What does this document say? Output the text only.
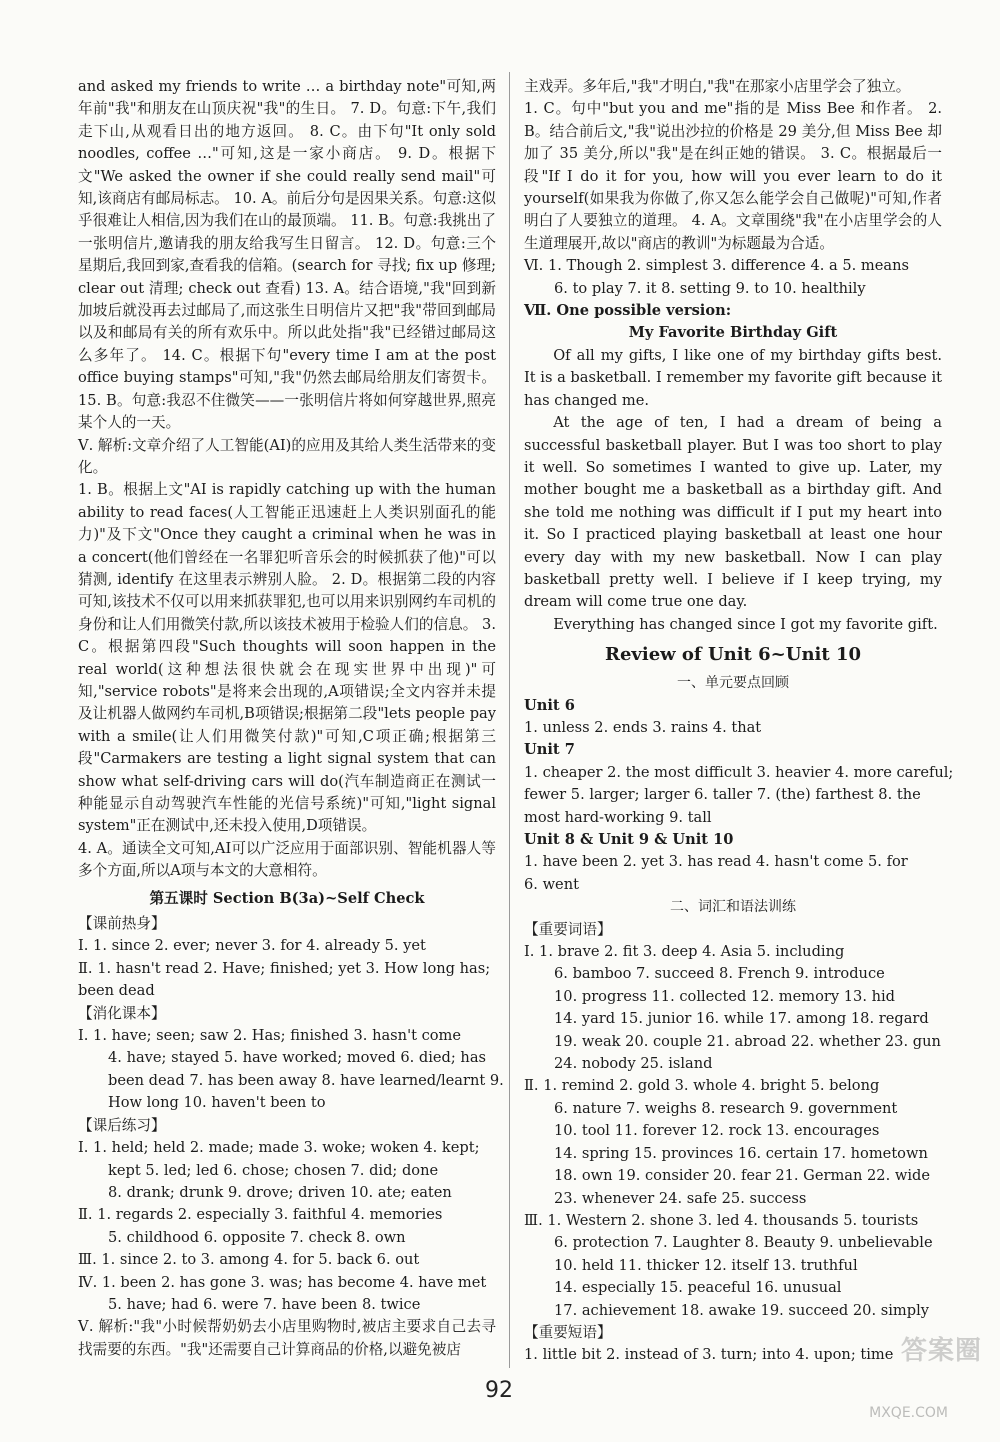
and asked my friends to write … a birthday note"可知,两年前"我"和朋友在山顶庆祝"我"的生日。 7. D。句意:下午,我们走下山,从观看日出的地方返回。 8. C。由下句"It only sold noodles, coffee …"可知,这是一家小商店。 9. D。根据下文"We asked the owner if she could really send mail"可知,该商店有邮局标志。 10. A。前后分句是因果关系。句意:这似乎很难让人相信,因为我们在山的最顶端。 11. B。句意:我挑出了一张明信片,邀请我的朋友给我写生日留言。 12. D。句意:三个星期后,我回到家,查看我的信箱。(search for 寻找; fix up 修理; clear out 清理; check out 查看) 13. A。结合语境,"我"回到新加坡后就没再去过邮局了,而这张生日明信片又把"我"带回到邮局以及和邮局有关的所有欢乐中。所以此处指"我"已经错过邮局这么多年了。 14. C。根据下句"every time I am at the post office buying stamps"可知,"我"仍然去邮局给朋友们寄贺卡。 15. B。句意:我忍不住微笑——一张明信片将如何穿越世界,照亮某个人的一天。

Ⅴ. 解析:文章介绍了人工智能(AI)的应用及其给人类生活带来的变化。

1. B。根据上文"AI is rapidly catching up with the human ability to read faces(人工智能正迅速赶上人类识别面孔的能力)"及下文"Once they caught a criminal when he was in a concert(他们曾经在一名罪犯听音乐会的时候抓获了他)"可以猜测, identify 在这里表示辨别人脸。 2. D。根据第二段的内容可知,该技术不仅可以用来抓获罪犯,也可以用来识别网约车司机的身份和让人们用微笑付款,所以该技术被用于检验人们的信息。 3. C。根据第四段"Such thoughts will soon happen in the real world(这种想法很快就会在现实世界中出现)"可知,"service robots"是将来会出现的,A项错误;全文内容并未提及让机器人做网约车司机,B项错误;根据第二段"lets people pay with a smile(让人们用微笑付款)"可知,C项正确;根据第三段"Carmakers are testing a light signal system that can show what self-driving cars will do(汽车制造商正在测试一种能显示自动驾驶汽车性能的光信号系统)"可知,"light signal system"正在测试中,还未投入使用,D项错误。

4. A。通读全文可知,AI可以广泛应用于面部识别、智能机器人等多个方面,所以A项与本文的大意相符。

第五课时 Section B(3a)~Self Check
【课前热身】
Ⅰ. 1. since 2. ever; never 3. for 4. already 5. yet
Ⅱ. 1. hasn't read 2. Have; finished; yet 3. How long has;
been dead
【消化课本】
Ⅰ. 1. have; seen; saw 2. Has; finished 3. hasn't come
4. have; stayed 5. have worked; moved 6. died; has
been dead 7. has been away 8. have learned/learnt 9.
How long 10. haven't been to
【课后练习】
Ⅰ. 1. held; held 2. made; made 3. woke; woken 4. kept;
kept 5. led; led 6. chose; chosen 7. did; done
8. drank; drunk 9. drove; driven 10. ate; eaten
Ⅱ. 1. regards 2. especially 3. faithful 4. memories
5. childhood 6. opposite 7. check 8. own
Ⅲ. 1. since 2. to 3. among 4. for 5. back 6. out
Ⅳ. 1. been 2. has gone 3. was; has become 4. have met
5. have; had 6. were 7. have been 8. twice

Ⅴ. 解析:"我"小时候帮奶奶去小店里购物时,被店主要求自己去寻找需要的东西。"我"还需要自己计算商品的价格,以避免被店

主戏弄。多年后,"我"才明白,"我"在那家小店里学会了独立。

1. C。句中"but you and me"指的是 Miss Bee 和作者。 2. B。结合前后文,"我"说出沙拉的价格是 29 美分,但 Miss Bee 却加了 35 美分,所以"我"是在纠正她的错误。 3. C。根据最后一段"If I do it for you, how will you ever learn to do it yourself(如果我为你做了,你又怎么能学会自己做呢)"可知,作者明白了人要独立的道理。 4. A。文章围绕"我"在小店里学会的人生道理展开,故以"商店的教训"为标题最为合适。

Ⅵ. 1. Though 2. simplest 3. difference 4. a 5. means
6. to play 7. it 8. setting 9. to 10. healthily
Ⅶ. One possible version:
My Favorite Birthday Gift
Of all my gifts, I like one of my birthday gifts best. It is a basketball. I remember my favorite gift because it has changed me.
At the age of ten, I had a dream of being a successful basketball player. But I was too short to play it well. So sometimes I wanted to give up. Later, my mother bought me a basketball as a birthday gift. And she told me nothing was difficult if I put my heart into it. So I practiced playing basketball at least one hour every day with my new basketball. Now I can play basketball pretty well. I believe if I keep trying, my dream will come true one day.
Everything has changed since I got my favorite gift.
Review of Unit 6~Unit 10
一、单元要点回顾
Unit 6
1. unless 2. ends 3. rains 4. that
Unit 7
1. cheaper 2. the most difficult 3. heavier 4. more careful;
fewer 5. larger; larger 6. taller 7. (the) farthest 8. the
most hard-working 9. tall
Unit 8 & Unit 9 & Unit 10
1. have been 2. yet 3. has read 4. hasn't come 5. for
6. went
二、词汇和语法训练
【重要词语】
Ⅰ. 1. brave 2. fit 3. deep 4. Asia 5. including
6. bamboo 7. succeed 8. French 9. introduce
10. progress 11. collected 12. memory 13. hid
14. yard 15. junior 16. while 17. among 18. regard
19. weak 20. couple 21. abroad 22. whether 23. gun
24. nobody 25. island
Ⅱ. 1. remind 2. gold 3. whole 4. bright 5. belong
6. nature 7. weighs 8. research 9. government
10. tool 11. forever 12. rock 13. encourages
14. spring 15. provinces 16. certain 17. hometown
18. own 19. consider 20. fear 21. German 22. wide
23. whenever 24. safe 25. success
Ⅲ. 1. Western 2. shone 3. led 4. thousands 5. tourists
6. protection 7. Laughter 8. Beauty 9. unbelievable
10. held 11. thicker 12. itself 13. truthful
14. especially 15. peaceful 16. unusual
17. achievement 18. awake 19. succeed 20. simply
【重要短语】
1. little bit 2. instead of 3. turn; into 4. upon; time
92
答案圈
MXQE.COM
